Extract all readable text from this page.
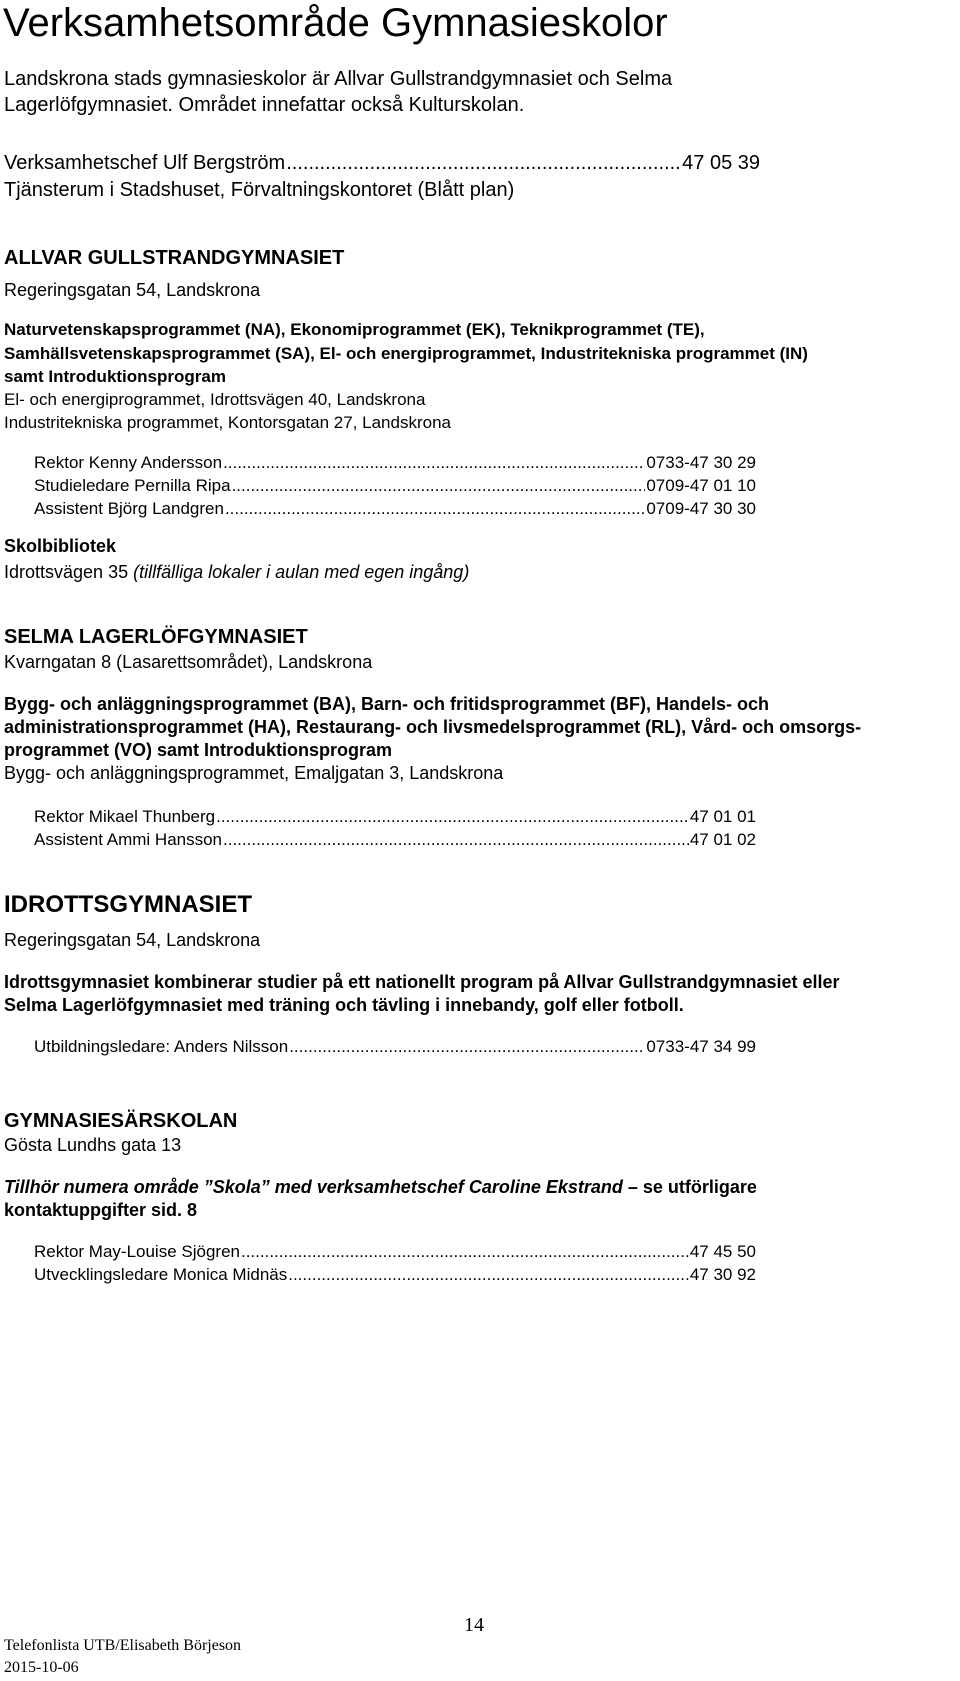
Verksamhetsområde Gymnasieskolor
Landskrona stads gymnasieskolor är Allvar Gullstrandgymnasiet och Selma
Lagerlöfgymnasiet. Området innefattar också Kulturskolan.
Verksamhetschef Ulf Bergström .....	47 05 39
Tjänsterum i Stadshuset, Förvaltningskontoret (Blått plan)
ALLVAR GULLSTRANDGYMNASIET
Regeringsgatan 54, Landskrona
Naturvetenskapsprogrammet (NA), Ekonomiprogrammet (EK), Teknikprogrammet (TE),
Samhällsvetenskapsprogrammet (SA), El- och energiprogrammet, Industritekniska programmet (IN)
samt Introduktionsprogram
El- och energiprogrammet, Idrottsvägen 40, Landskrona
Industritekniska programmet, Kontorsgatan 27, Landskrona
Rektor Kenny Andersson .....	0733-47 30 29
Studieledare Pernilla Ripa .....	0709-47 01 10
Assistent Björg Landgren .....	0709-47 30 30
Skolbibliotek
Idrottsvägen 35 (tillfälliga lokaler i aulan med egen ingång)
SELMA LAGERLÖFGYMNASIET
Kvarngatan 8 (Lasarettsområdet), Landskrona
Bygg- och anläggningsprogrammet (BA), Barn- och fritidsprogrammet (BF), Handels- och
administrationsprogrammet (HA), Restaurang- och livsmedelsprogrammet (RL), Vård- och omsorgs-
programmet (VO) samt Introduktionsprogram
Bygg- och anläggningsprogrammet, Emaljgatan 3, Landskrona
Rektor Mikael Thunberg .....	47 01 01
Assistent Ammi Hansson .....	47 01 02
IDROTTSGYMNASIET
Regeringsgatan 54, Landskrona
Idrottsgymnasiet kombinerar studier på ett nationellt program på Allvar Gullstrandgymnasiet eller
Selma Lagerlöfgymnasiet med träning och tävling i innebandy, golf eller fotboll.
Utbildningsledare: Anders Nilsson .....	0733-47 34 99
GYMNASIESÄRSKOLAN
Gösta Lundhs gata 13
Tillhör numera område ”Skola” med verksamhetschef Caroline Ekstrand – se utförligare
kontaktuppgifter sid. 8
Rektor May-Louise Sjögren .....	47 45 50
Utvecklingsledare Monica Midnäs .....	47 30 92
14
Telefonlista UTB/Elisabeth Börjeson
2015-10-06
